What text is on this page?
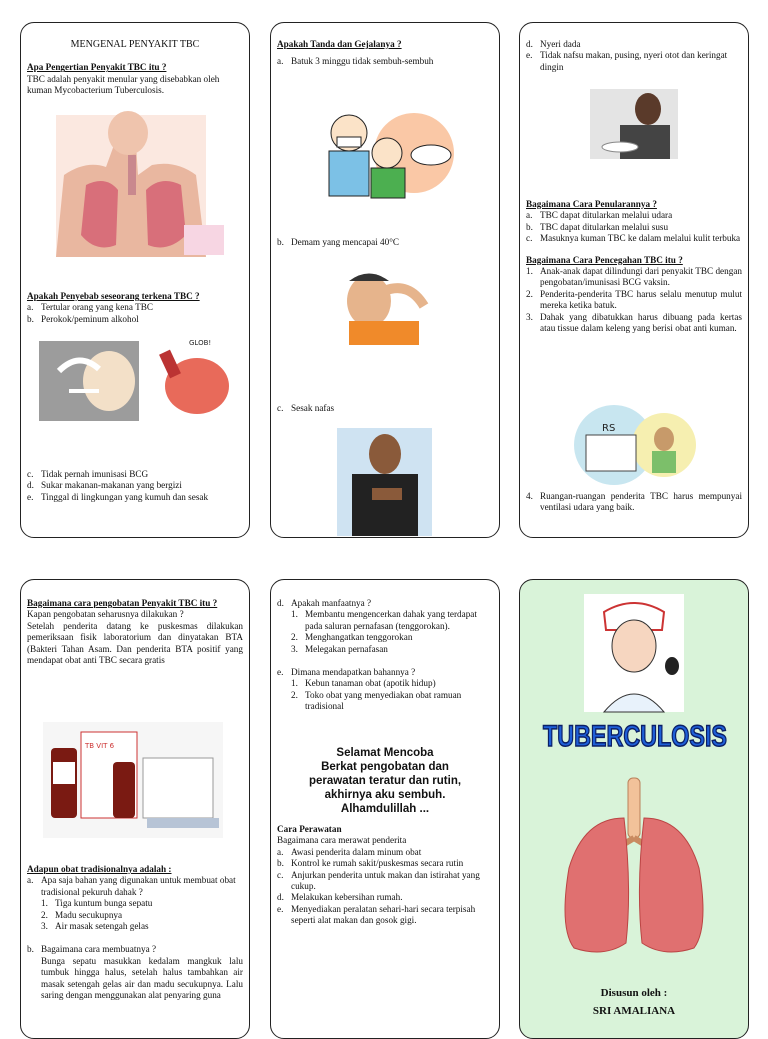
MENGENAL PENYAKIT TBC
Apa Pengertian Penyakit TBC itu ?
TBC adalah penyakit menular yang disebabkan oleh kuman Mycobacterium Tuberculosis.
Apakah Penyebab seseorang terkena TBC ?
a. Tertular orang yang kena TBC
b. Perokok/peminum alkohol
GLOB!
c. Tidak pernah imunisasi BCG
d. Sukar makanan-makanan yang bergizi
e. Tinggal di lingkungan yang kumuh dan sesak
Apakah Tanda dan Gejalanya ?
a. Batuk 3 minggu tidak sembuh-sembuh
b. Demam yang mencapai 40°C
c. Sesak nafas
d. Nyeri dada
e. Tidak nafsu makan, pusing, nyeri otot dan keringat dingin
Bagaimana Cara Penularannya ?
a. TBC dapat ditularkan melalui udara
b. TBC dapat ditularkan melalui susu
c. Masuknya kuman TBC ke dalam melalui kulit terbuka
Bagaimana Cara Pencegahan TBC itu ?
1. Anak-anak dapat dilindungi dari penyakit TBC dengan pengobatan/imunisasi BCG vaksin.
2. Penderita-penderita TBC harus selalu menutup mulut mereka ketika batuk.
3. Dahak yang dibatukkan harus dibuang pada kertas atau tissue dalam keleng yang berisi obat anti kuman.
RS
4. Ruangan-ruangan penderita TBC harus mempunyai ventilasi udara yang baik.
Bagaimana cara pengobatan Penyakit TBC itu ?
Kapan pengobatan seharusnya dilakukan ?
Setelah penderita datang ke puskesmas dilakukan pemeriksaan fisik laboratorium dan dinyatakan BTA (Bakteri Tahan Asam. Dan penderita BTA positif yang mendapat obat anti TBC secara gratis
TB VIT 6
Adapun obat tradisionalnya adalah :
a. Apa saja bahan yang digunakan untuk membuat obat tradisional pekuruh dahak ?
1. Tiga kuntum bunga sepatu
2. Madu secukupnya
3. Air masak setengah gelas
b. Bagaimana cara membuatnya ?
Bunga sepatu masukkan kedalam mangkuk lalu tumbuk hingga halus, setelah halus tambahkan air masak setengah gelas air dan madu secukupnya. Lalu saring dengan menggunakan alat penyaring guna
d. Apakah manfaatnya ?
1. Membantu mengencerkan dahak yang terdapat pada saluran pernafasan (tenggorokan).
2. Menghangatkan tenggorokan
3. Melegakan pernafasan
e. Dimana mendapatkan bahannya ?
1. Kebun tanaman obat (apotik hidup)
2. Toko obat yang menyediakan obat ramuan tradisional
Selamat Mencoba
Berkat pengobatan dan
perawatan teratur dan rutin,
akhirnya aku sembuh.
Alhamdulillah ...
Cara Perawatan
Bagaimana cara merawat penderita
a. Awasi penderita dalam minum obat
b. Kontrol ke rumah sakit/puskesmas secara rutin
c. Anjurkan penderita untuk makan dan istirahat yang cukup.
d. Melakukan kebersihan rumah.
e. Menyediakan peralatan sehari-hari secara terpisah seperti alat makan dan gosok gigi.
TUBERCULOSIS
Disusun oleh :
SRI AMALIANA
